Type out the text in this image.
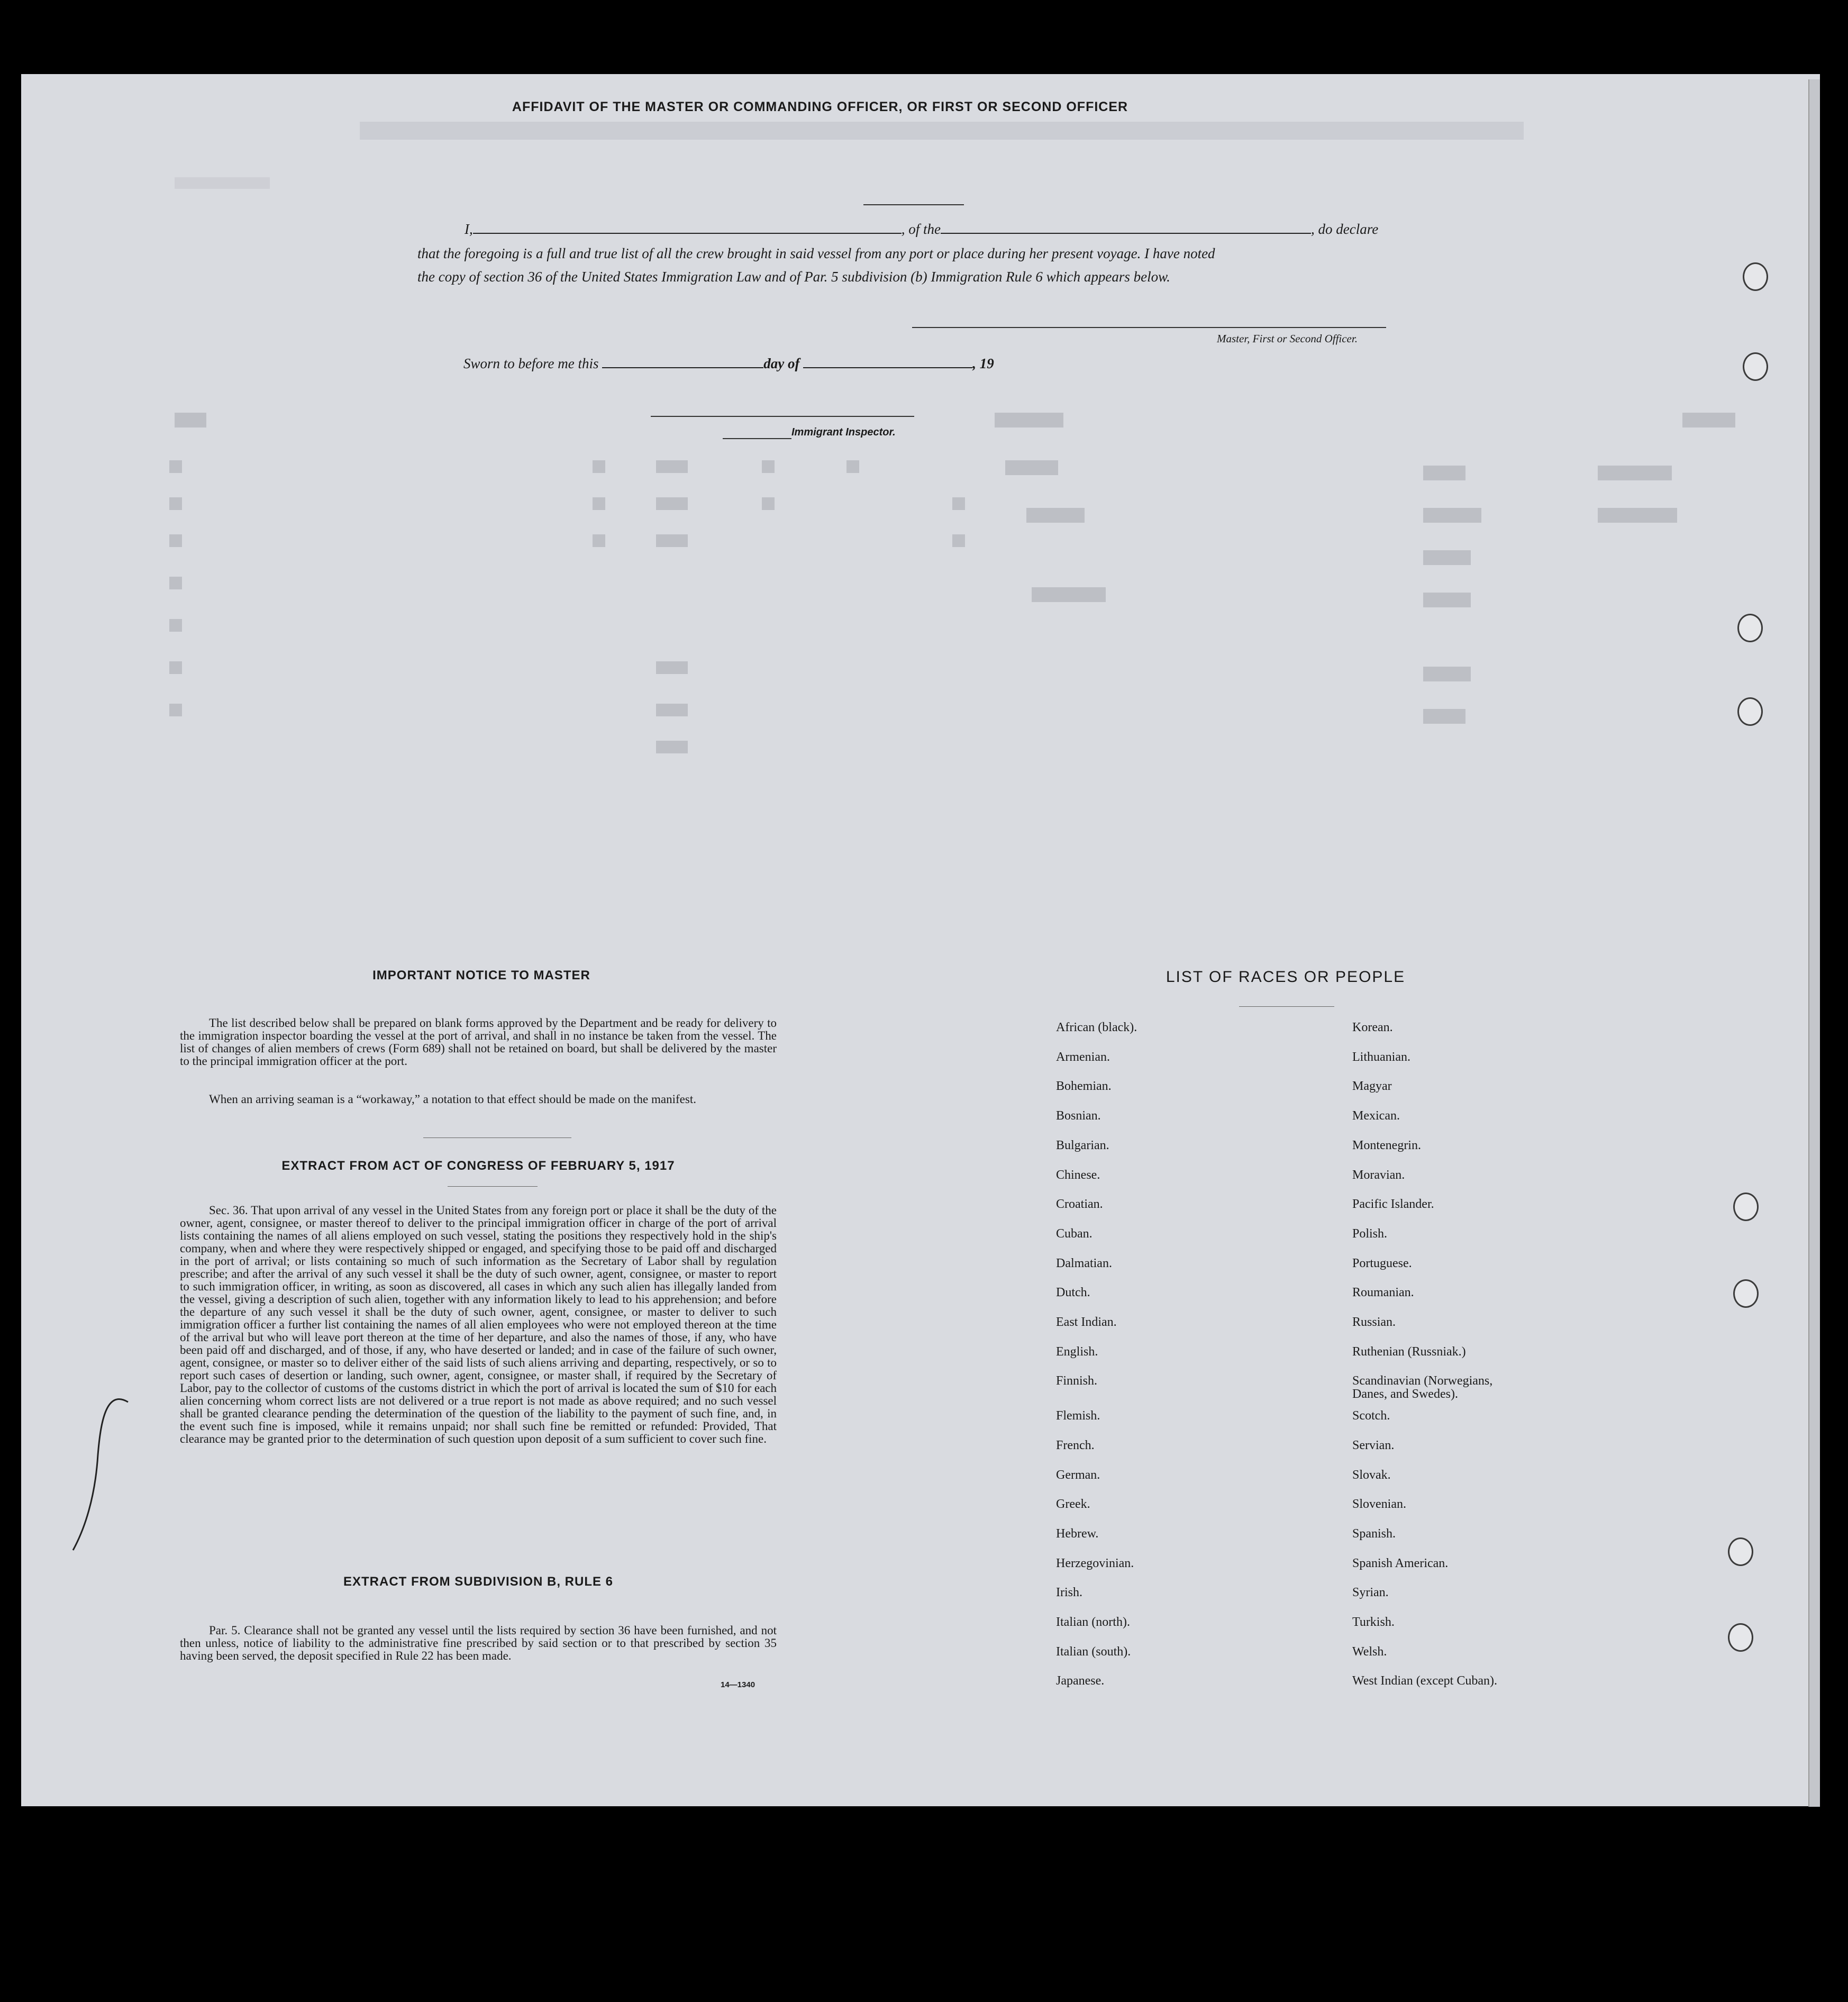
AFFIDAVIT OF THE MASTER OR COMMANDING OFFICER, OR FIRST OR SECOND OFFICER
I,	, of the	, do declare
that the foregoing is a full and true list of all the crew brought in said vessel from any port or place during her present voyage. I have noted
the copy of section 36 of the United States Immigration Law and of Par. 5 subdivision (b) Immigration Rule 6 which appears below.
Master, First or Second Officer.
Sworn to before me this	day of	, 19
Immigrant Inspector.
IMPORTANT NOTICE TO MASTER
The list described below shall be prepared on blank forms approved by the Department and be ready for delivery to the immigration inspector boarding the vessel at the port of arrival, and shall in no instance be taken from the vessel. The list of changes of alien members of crews (Form 689) shall not be retained on board, but shall be delivered by the master to the principal immigration officer at the port.
When an arriving seaman is a “workaway,” a notation to that effect should be made on the manifest.
EXTRACT FROM ACT OF CONGRESS OF FEBRUARY 5, 1917
Sec. 36. That upon arrival of any vessel in the United States from any foreign port or place it shall be the duty of the owner, agent, consignee, or master thereof to deliver to the principal immigration officer in charge of the port of arrival lists containing the names of all aliens employed on such vessel, stating the positions they respectively hold in the ship's company, when and where they were respectively shipped or engaged, and specifying those to be paid off and discharged in the port of arrival; or lists containing so much of such information as the Secretary of Labor shall by regulation prescribe; and after the arrival of any such vessel it shall be the duty of such owner, agent, consignee, or master to report to such immigration officer, in writing, as soon as discovered, all cases in which any such alien has illegally landed from the vessel, giving a description of such alien, together with any information likely to lead to his apprehension; and before the departure of any such vessel it shall be the duty of such owner, agent, consignee, or master to deliver to such immigration officer a further list containing the names of all alien employees who were not employed thereon at the time of the arrival but who will leave port thereon at the time of her departure, and also the names of those, if any, who have been paid off and discharged, and of those, if any, who have deserted or landed; and in case of the failure of such owner, agent, consignee, or master so to deliver either of the said lists of such aliens arriving and departing, respectively, or so to report such cases of desertion or landing, such owner, agent, consignee, or master shall, if required by the Secretary of Labor, pay to the collector of customs of the customs district in which the port of arrival is located the sum of $10 for each alien concerning whom correct lists are not delivered or a true report is not made as above required; and no such vessel shall be granted clearance pending the determination of the question of the liability to the payment of such fine, and, in the event such fine is imposed, while it remains unpaid; nor shall such fine be remitted or refunded: Provided, That clearance may be granted prior to the determination of such question upon deposit of a sum sufficient to cover such fine.
EXTRACT FROM SUBDIVISION B, RULE 6
Par. 5. Clearance shall not be granted any vessel until the lists required by section 36 have been furnished, and not then unless, notice of liability to the administrative fine prescribed by said section or to that prescribed by section 35 having been served, the deposit specified in Rule 22 has been made.
14—1340
LIST OF RACES OR PEOPLE
African (black).
Armenian.
Bohemian.
Bosnian.
Bulgarian.
Chinese.
Croatian.
Cuban.
Dalmatian.
Dutch.
East Indian.
English.
Finnish.
Flemish.
French.
German.
Greek.
Hebrew.
Herzegovinian.
Irish.
Italian (north).
Italian (south).
Japanese.
Korean.
Lithuanian.
Magyar
Mexican.
Montenegrin.
Moravian.
Pacific Islander.
Polish.
Portuguese.
Roumanian.
Russian.
Ruthenian (Russniak.)
Scandinavian (Norwegians,
Danes, and Swedes).
Scotch.
Servian.
Slovak.
Slovenian.
Spanish.
Spanish American.
Syrian.
Turkish.
Welsh.
West Indian (except Cuban).
